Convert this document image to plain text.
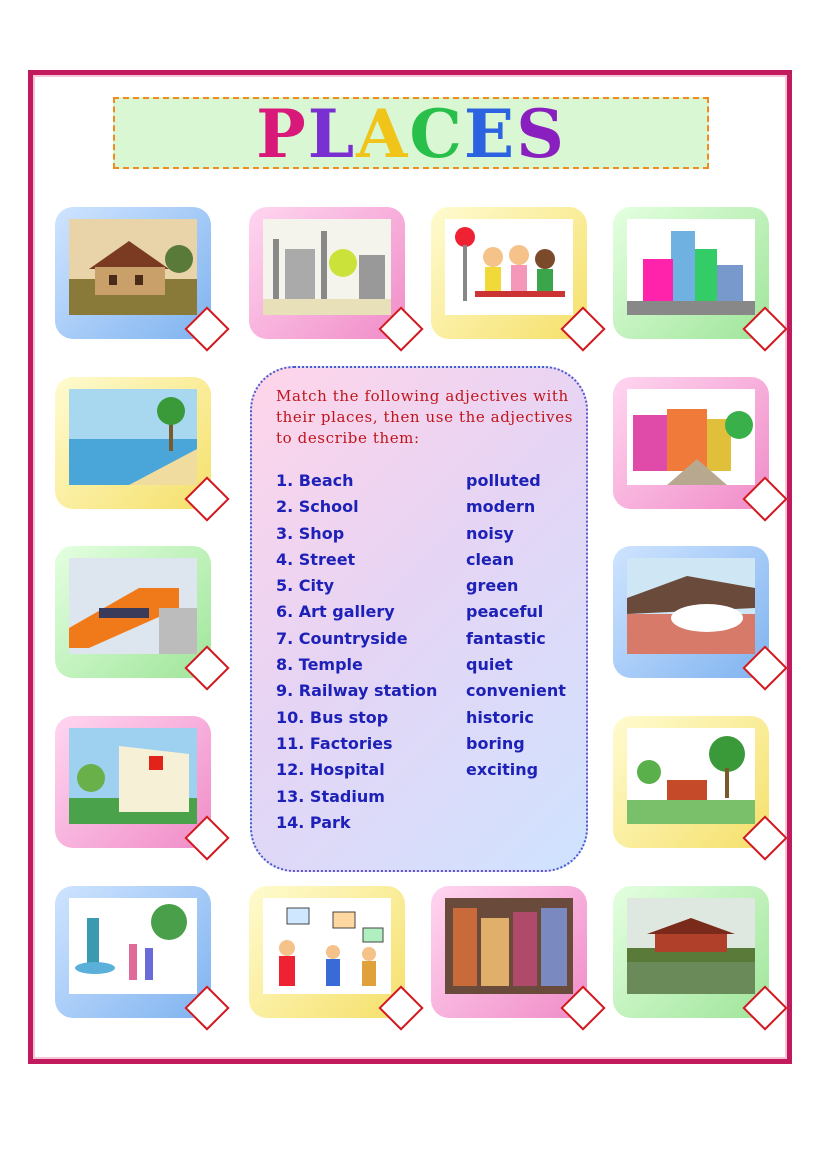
PLACES
Match the following adjectives with their places, then use the adjectives to describe them:
1. Beach
2. School
3. Shop
4. Street
5. City
6. Art gallery
7. Countryside
8. Temple
9. Railway station
10. Bus stop
11. Factories
12. Hospital
13. Stadium
14. Park
polluted
modern
noisy
clean
green
peaceful
fantastic
quiet
convenient
historic
boring
exciting
